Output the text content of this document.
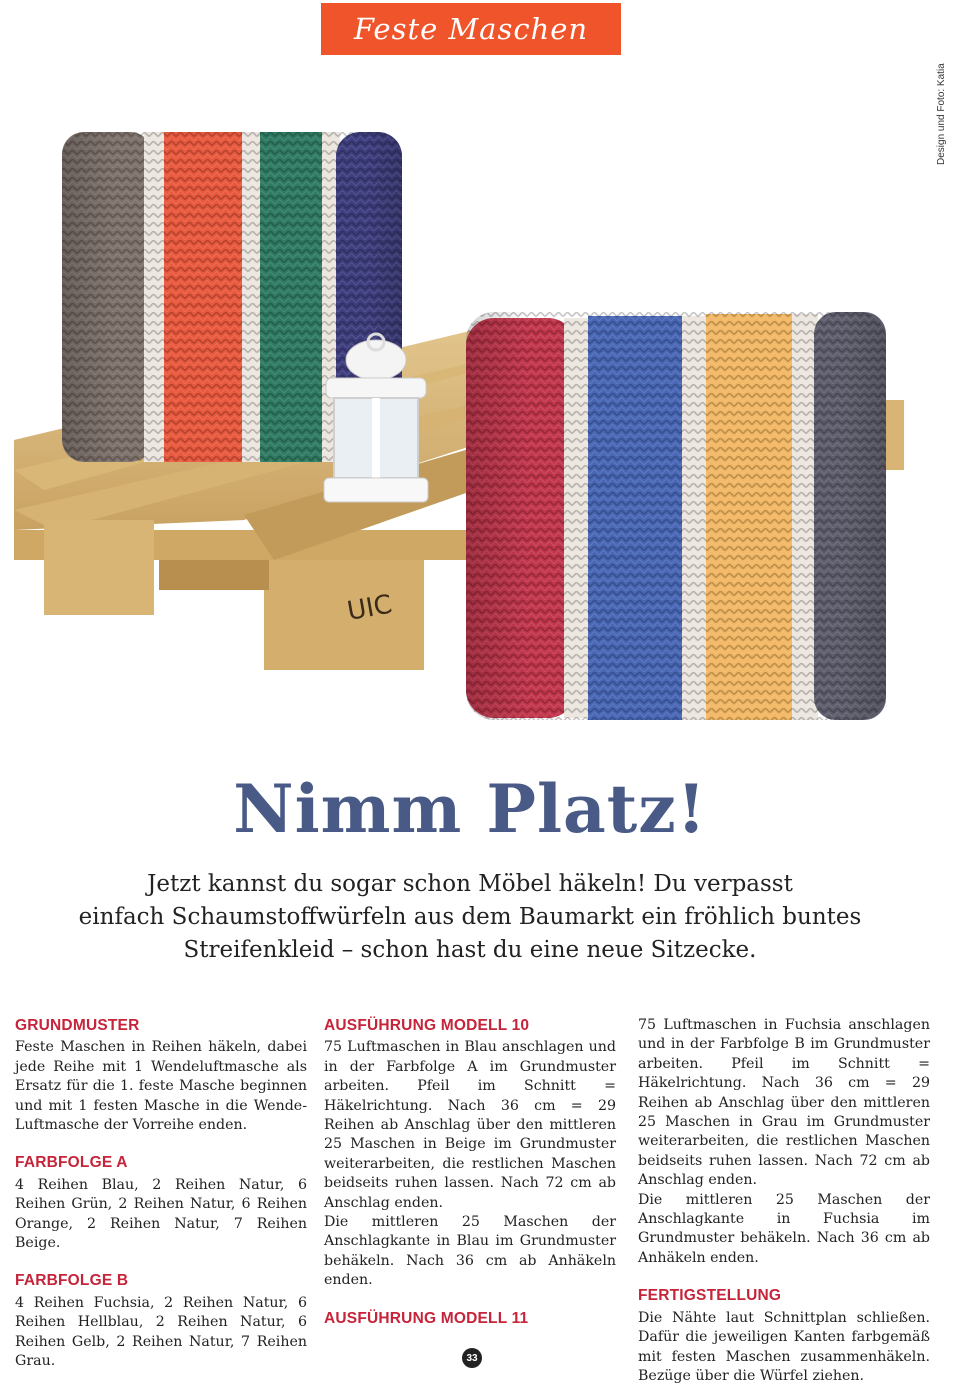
Feste Maschen
Design und Foto: Katia
UIC
Nimm Platz!
Jetzt kannst du sogar schon Möbel häkeln! Du verpasst
einfach Schaumstoffwürfeln aus dem Baumarkt ein fröhlich buntes
Streifenkleid – schon hast du eine neue Sitzecke.
GRUNDMUSTER

Feste Maschen in Reihen häkeln, dabei jede Reihe mit 1 Wendeluftmasche als Ersatz für die 1. feste Masche beginnen und mit 1 festen Masche in die Wende-Luftmasche der Vorreihe enden.

FARBFOLGE A

4 Reihen Blau, 2 Reihen Natur, 6 Reihen Grün, 2 Reihen Natur, 6 Reihen Orange, 2 Reihen Natur, 7 Reihen Beige.

FARBFOLGE B

4 Reihen Fuchsia, 2 Reihen Natur, 6 Reihen Hellblau, 2 Reihen Natur, 6 Reihen Gelb, 2 Reihen Natur, 7 Reihen Grau.

AUSFÜHRUNG MODELL 10

75 Luftmaschen in Blau anschlagen und in der Farbfolge A im Grundmuster arbeiten. Pfeil im Schnitt = Häkelrichtung. Nach 36 cm = 29 Reihen ab Anschlag über den mittleren 25 Maschen in Beige im Grundmuster weiterarbeiten, die restlichen Maschen beidseits ruhen lassen. Nach 72 cm ab Anschlag enden.

Die mittleren 25 Maschen der Anschlagkante in Blau im Grundmuster behäkeln. Nach 36 cm ab Anhäkeln enden.

AUSFÜHRUNG MODELL 11

75 Luftmaschen in Fuchsia anschlagen und in der Farbfolge B im Grundmuster arbeiten. Pfeil im Schnitt = Häkelrichtung. Nach 36 cm = 29 Reihen ab Anschlag über den mittleren 25 Maschen in Grau im Grundmuster weiterarbeiten, die restlichen Maschen beidseits ruhen lassen. Nach 72 cm ab Anschlag enden.

Die mittleren 25 Maschen der Anschlagkante in Fuchsia im Grundmuster behäkeln. Nach 36 cm ab Anhäkeln enden.

FERTIGSTELLUNG

Die Nähte laut Schnittplan schließen. Dafür die jeweiligen Kanten farbgemäß mit festen Maschen zusammenhäkeln. Bezüge über die Würfel ziehen.

33
